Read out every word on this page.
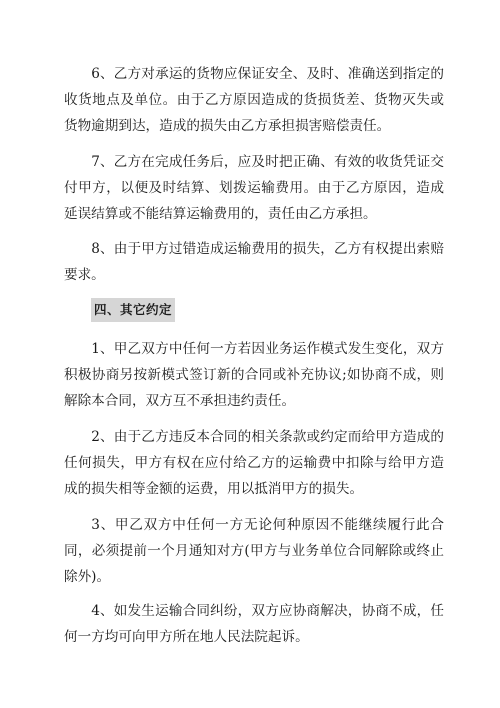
6、乙方对承运的货物应保证安全、及时、准确送到指定的收货地点及单位。由于乙方原因造成的货损货差、货物灭失或货物逾期到达，造成的损失由乙方承担损害赔偿责任。

7、乙方在完成任务后，应及时把正确、有效的收货凭证交付甲方，以便及时结算、划拨运输费用。由于乙方原因，造成延误结算或不能结算运输费用的，责任由乙方承担。

8、由于甲方过错造成运输费用的损失，乙方有权提出索赔要求。

四、其它约定

1、甲乙双方中任何一方若因业务运作模式发生变化，双方积极协商另按新模式签订新的合同或补充协议;如协商不成，则解除本合同，双方互不承担违约责任。

2、由于乙方违反本合同的相关条款或约定而给甲方造成的任何损失，甲方有权在应付给乙方的运输费中扣除与给甲方造成的损失相等金额的运费，用以抵消甲方的损失。

3、甲乙双方中任何一方无论何种原因不能继续履行此合同，必须提前一个月通知对方(甲方与业务单位合同解除或终止除外)。

4、如发生运输合同纠纷，双方应协商解决，协商不成，任何一方均可向甲方所在地人民法院起诉。
